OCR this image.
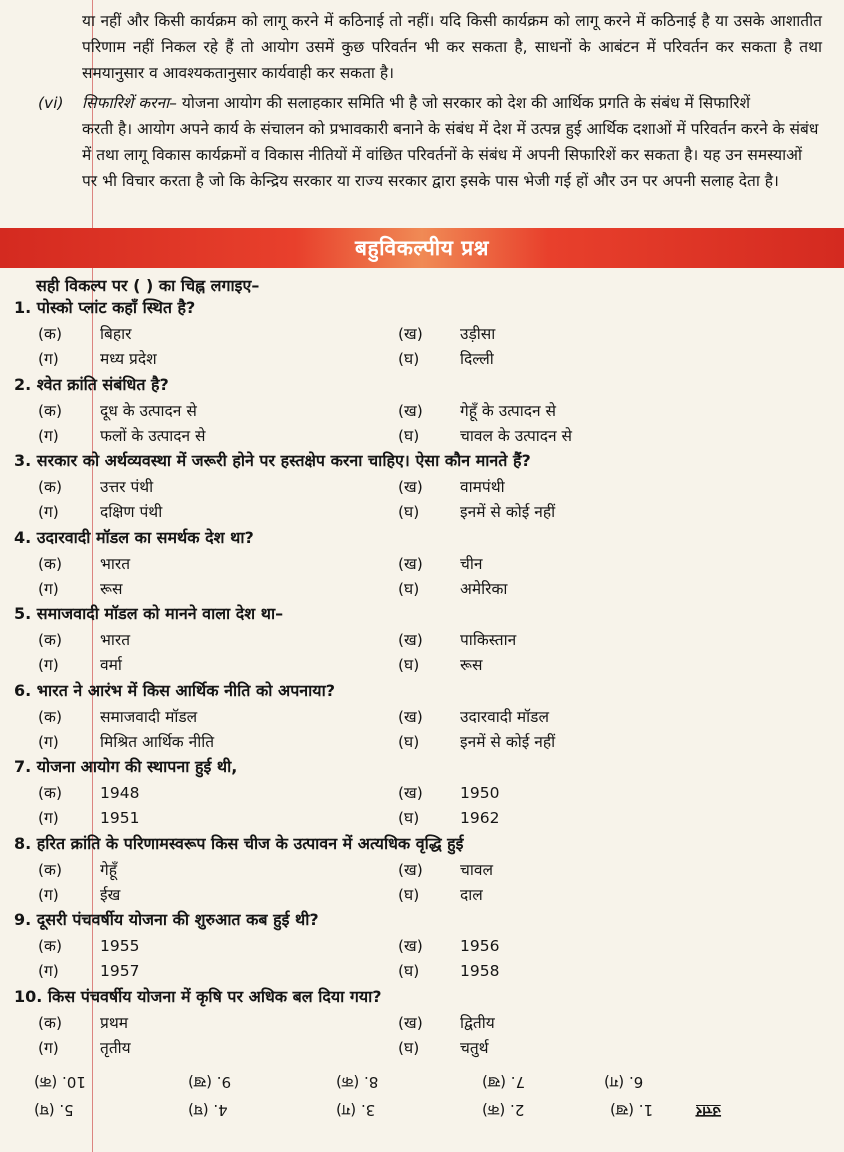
या नहीं और किसी कार्यक्रम को लागू करने में कठिनाई तो नहीं। यदि किसी कार्यक्रम को लागू करने में कठिनाई है या उसके आशातीत परिणाम नहीं निकल रहे हैं तो आयोग उसमें कुछ परिवर्तन भी कर सकता है, साधनों के आबंटन में परिवर्तन कर सकता है तथा समयानुसार व आवश्यकतानुसार कार्यवाही कर सकता है।
(vi) सिफारिशें करना– योजना आयोग की सलाहकार समिति भी है जो सरकार को देश की आर्थिक प्रगति के संबंध में सिफारिशें
करती है। आयोग अपने कार्य के संचालन को प्रभावकारी बनाने के संबंध में देश में उत्पन्न हुई आर्थिक दशाओं में परिवर्तन करने के संबंध में तथा लागू विकास कार्यक्रमों व विकास नीतियों में वांछित परिवर्तनों के संबंध में अपनी सिफारिशें कर सकता है। यह उन समस्याओं पर भी विचार करता है जो कि केन्द्रिय सरकार या राज्य सरकार द्वारा इसके पास भेजी गई हों और उन पर अपनी सलाह देता है।
बहुविकल्पीय प्रश्न
सही विकल्प पर ( ) का चिह्न लगाइए–
1. पोस्को प्लांट कहाँ स्थित है?
(क) बिहार	(ख) उड़ीसा
(ग)	मध्य प्रदेश	(घ)	दिल्ली
2. श्वेत क्रांति संबंधित है?
(क) दूध के उत्पादन से	(ख) गेहूँ के उत्पादन से
(ग)	फलों के उत्पादन से	(घ)	चावल के उत्पादन से
3. सरकार को अर्थव्यवस्था में जरूरी होने पर हस्तक्षेप करना चाहिए। ऐसा कौन मानते हैं?
(क) उत्तर पंथी	(ख) वामपंथी
(ग)	दक्षिण पंथी	(घ)	इनमें से कोई नहीं
4. उदारवादी मॉडल का समर्थक देश था?
(क) भारत	(ख) चीन
(ग)	रूस	(घ)	अमेरिका
5. समाजवादी मॉडल को मानने वाला देश था–
(क) भारत	(ख) पाकिस्तान
(ग)	वर्मा	(घ)	रूस
6. भारत ने आरंभ में किस आर्थिक नीति को अपनाया?
(क) समाजवादी मॉडल	(ख) उदारवादी मॉडल
(ग)	मिश्रित आर्थिक नीति	(घ)	इनमें से कोई नहीं
7. योजना आयोग की स्थापना हुई थी,
(क) 1948	(ख) 1950
(ग)	1951	(घ)	1962
8. हरित क्रांति के परिणामस्वरूप किस चीज के उत्पावन में अत्यधिक वृद्धि हुई
(क) गेहूँ	(ख) चावल
(ग)	ईख	(घ)	दाल
9. दूसरी पंचवर्षीय योजना की शुरुआत कब हुई थी?
(क) 1955	(ख) 1956
(ग)	1957	(घ)	1958
10. किस पंचवर्षीय योजना में कृषि पर अधिक बल दिया गया?
(क) प्रथम	(ख) द्वितीय
(ग)	तृतीय	(घ)	चतुर्थ
उत्तर
6. (ग)
7. (ख)
8. (क)
9. (ख)
10. (क)
1. (ख)
2. (क)
3. (ग)
4. (घ)
5. (घ)
